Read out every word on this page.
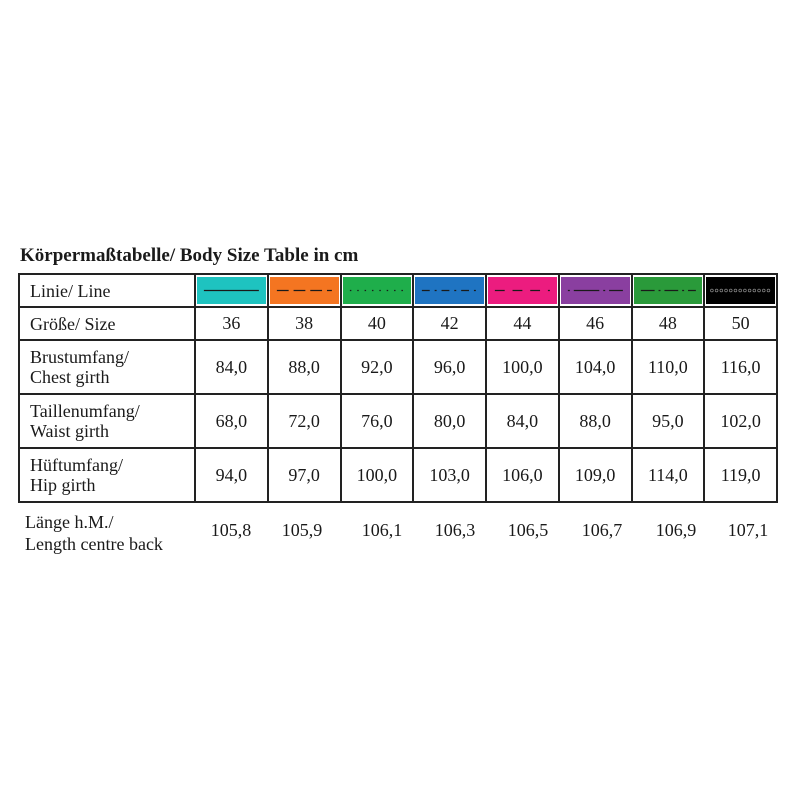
Körpermaßtabelle/ Body Size Table in cm
Linie/ Line	

Größe/ Size	36	38	40	42	44	46	48	50
Brustumfang/
Chest girth	84,0	88,0	92,0	96,0	100,0	104,0	110,0	116,0
Taillenumfang/
Waist girth	68,0	72,0	76,0	80,0	84,0	88,0	95,0	102,0
Hüftumfang/
Hip girth	94,0	97,0	100,0	103,0	106,0	109,0	114,0	119,0
Länge h.M./
Length centre back
105,8	105,9	106,1	106,3	106,5	106,7	106,9	107,1
